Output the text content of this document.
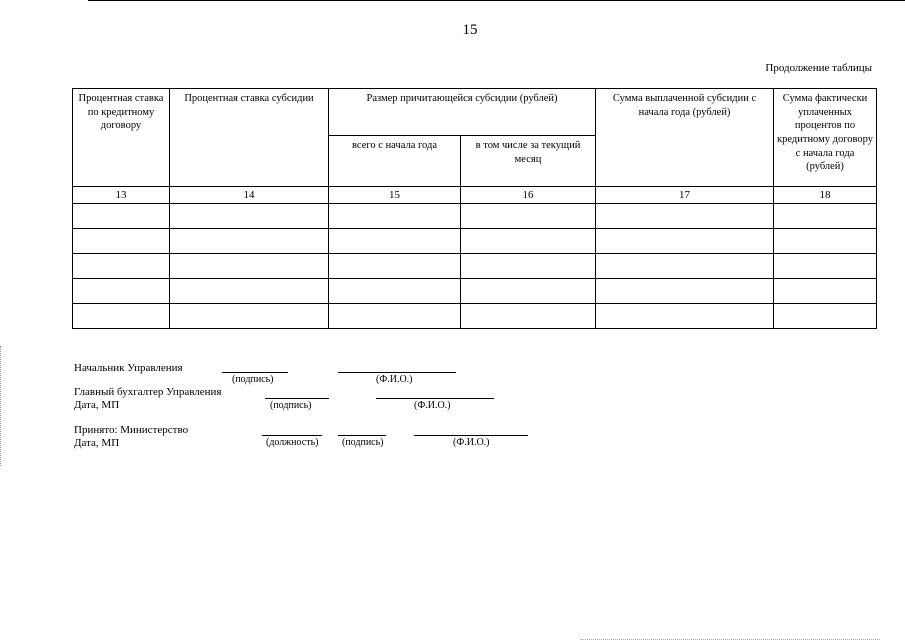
15
Продолжение таблицы
Процентная ставка по кредитному договору	Процентная ставка субсидии	Размер причитающейся субсидии (рублей)		Сумма выплаченной субсидии с начала года (рублей)	Сумма фактически уплаченных процентов по кредитному договору с начала года (рублей)
		всего с начала года	в том числе за текущий месяц		
13	14	15	16	17	18

Начальник Управления
(подпись)	(Ф.И.О.)
Главный бухгалтер Управления
Дата, МП	(подпись)	(Ф.И.О.)
Принято: Министерство
Дата, МП	(должность) (подпись)	(Ф.И.О.)
